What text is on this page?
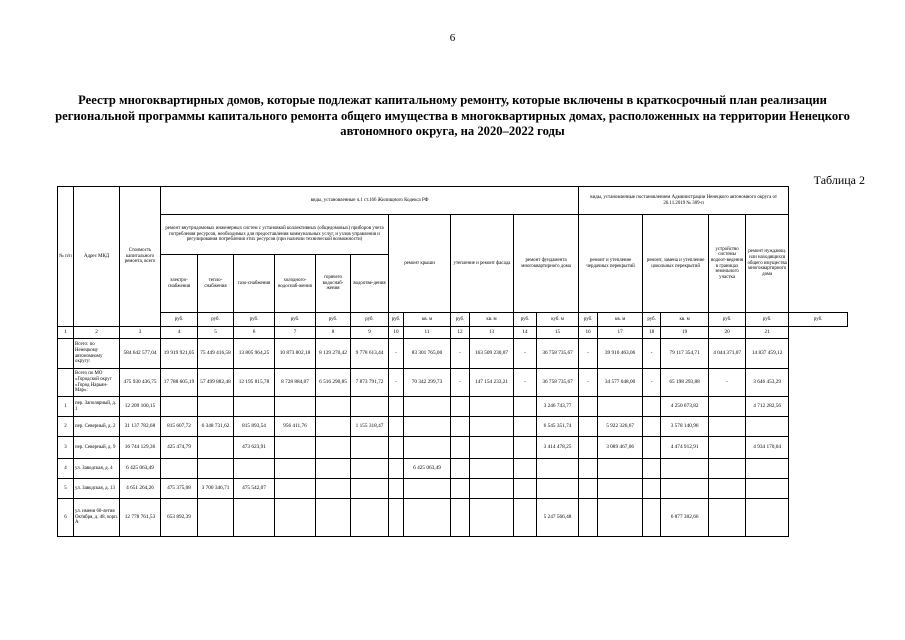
6
Реестр многоквартирных домов, которые подлежат капитальному ремонту, которые включены в краткосрочный план реализации региональной программы капитального ремонта общего имущества в многоквартирных домах, расположенных на территории Ненецкого автономного округа, на 2020–2022 годы
Таблица 2
№ п/п	Адрес МКД	Стоимость капитального ремонта, всего	виды, установленные ч.1 ст.166 Жилищного Кодекса РФ												виды, установленные постановлением Администрации Ненецкого автономного округа от 26.11.2019 № 309-п						
			ремонт внутридомовых инженерных систем с установкой коллективных (общедомовых) приборов учета потребления ресурсов, необходимых для предоставления коммунальных услуг, и узлов управления и регулирования потребления этих ресурсов (при наличии технической возможности)						ремонт крыши		утепление и ремонт фасада		ремонт фундамента многоквартирного дома		ремонт и утепление чердачных перекрытий		ремонт, замена и утепление цокольных перекрытий		устройство системы водоот-ведения в границах земельного участка	ремонт нуждающ. или находящихся общего имущества многоквартирного дома	
			электро-снабжения	тепло-снабжения	газо-снабжения	холодного-водоснаб-жения	горячего водоснаб-жения	водоотве-дения													
			руб.	руб.	руб.	руб.	руб.	руб.	руб.	кв. м	руб.	кв. м	руб.	куб. м	руб.	кв. м	руб.	кв. м	руб.	руб.	руб.
1	2	3	4	5	6	7	8	9	10	11	12	13	14	15	16	17	18	19	20	21	
	Всего: по Ненецкому автономному округу:	584 642 577,04	19 919 921,05	75 449 416,58	13 805 964,25	10 873 802,18	8 139 270,42	9 778 613,44	-	83 301 765,00	-	163 509 230,07	-	36 758 735,67	-	39 910 463,06	-	79 117 354,71	4 044 371,07	14 837 459,12	
	Всего по МО «Городской округ «Город Нарьян-Мар»:	475 930 436,75	17 788 605,19	57 499 882,48	12 195 815,78	8 728 884,07	6 516 290,85	7 873 791,72	-	70 342 299,73	-	147 154 233,21	-	36 758 735,67	-	34 577 048,00	-	65 198 293,88	-	3 646 453,29	
1	пер. Заполярный, д. 1	12 209 100,15												3 246 743,77				4 250 073,82		4 712 282,56	
2	пер. Северный, д. 2	31 137 782,68	815 607,72	6 348 731,62	815 893,54	956 411,76		1 155 318,47						6 545 351,74		5 922 326,67		3 578 140,96			
3	пер. Северный, д. 9	16 744 129,36	425 474,79		473 623,91									3 414 478,25		3 089 467,06		4 474 912,91		4 934 170,04	
4	ул. Заводская, д. 4	6 425 063,49								6 425 063,49											
5	ул. Заводская, д. 13	4 651 264,26	475 375,08	3 700 346,71	475 542,07																
6	ул. имени 60-летия Октября, д. 48, корп. А	12 778 761,53	653 892,39											5 247 566,48				6 877 302,66			
